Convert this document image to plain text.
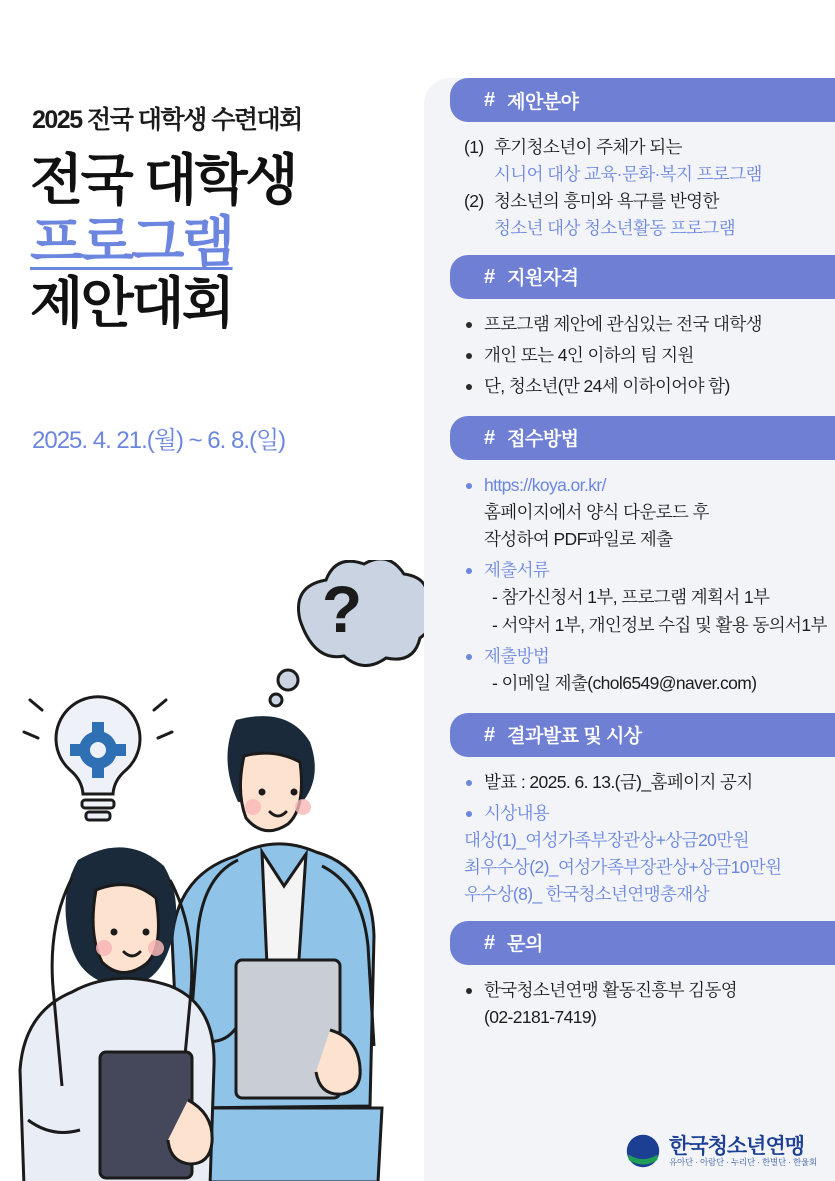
2025 전국 대학생 수련대회
전국 대학생
프로그램
제안대회
2025. 4. 21.(월) ~ 6. 8.(일)
?
# 제안분야
(1) 후기청소년이 주체가 되는
시니어 대상 교육·문화·복지 프로그램
(2) 청소년의 흥미와 욕구를 반영한
청소년 대상 청소년활동 프로그램
# 지원자격
프로그램 제안에 관심있는 전국 대학생
개인 또는 4인 이하의 팀 지원
단, 청소년(만 24세 이하이어야 함)
# 접수방법
https://koya.or.kr/
홈페이지에서 양식 다운로드 후
작성하여 PDF파일로 제출
제출서류
- 참가신청서 1부, 프로그램 계획서 1부
- 서약서 1부, 개인정보 수집 및 활용 동의서1부
제출방법
- 이메일 제출(chol6549@naver.com)
# 결과발표 및 시상
발표 : 2025. 6. 13.(금)_홈페이지 공지
시상내용
대상(1)_여성가족부장관상+상금20만원
최우수상(2)_여성가족부장관상+상금10만원
우수상(8)_ 한국청소년연맹총재상
# 문의
한국청소년연맹 활동진흥부 김동영
(02-2181-7419)
한국청소년연맹
유아단 · 아람단 · 누리단 · 한별단 · 한울회
